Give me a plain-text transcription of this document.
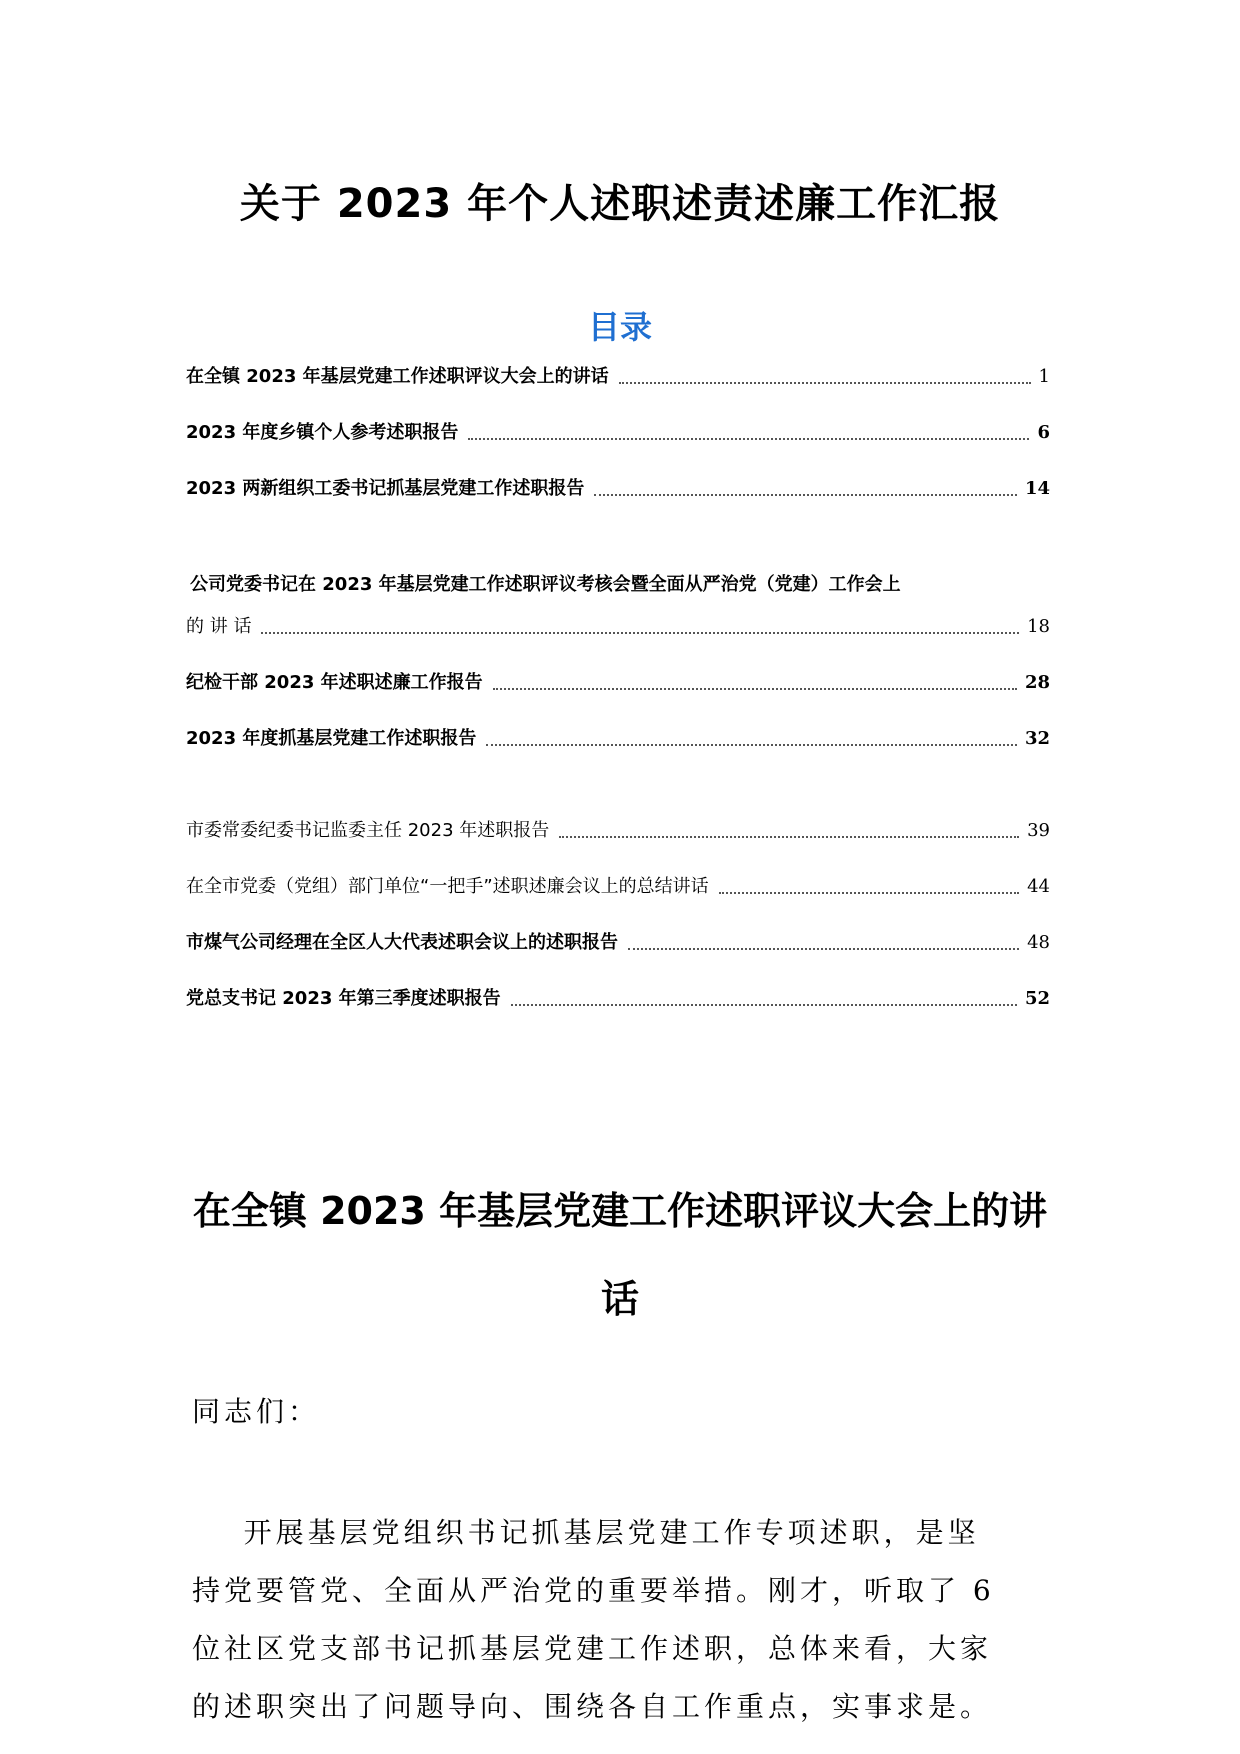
关于 2023 年个人述职述责述廉工作汇报
目录
在全镇 2023 年基层党建工作述职评议大会上的讲话	1
2023 年度乡镇个人参考述职报告	6
2023 两新组织工委书记抓基层党建工作述职报告	14
公司党委书记在 2023 年基层党建工作述职评议考核会暨全面从严治党（党建）工作会上
的 讲 话	18
纪检干部 2023 年述职述廉工作报告	28
2023 年度抓基层党建工作述职报告	32
市委常委纪委书记监委主任 2023 年述职报告	39
在全市党委（党组）部门单位“一把手”述职述廉会议上的总结讲话	44
市煤气公司经理在全区人大代表述职会议上的述职报告	48
党总支书记 2023 年第三季度述职报告	52
在全镇 2023 年基层党建工作述职评议大会上的讲
话
同志们：
开展基层党组织书记抓基层党建工作专项述职，是坚
持党要管党、全面从严治党的重要举措。刚才，听取了 6
位社区党支部书记抓基层党建工作述职，总体来看，大家
的述职突出了问题导向、围绕各自工作重点，实事求是。
